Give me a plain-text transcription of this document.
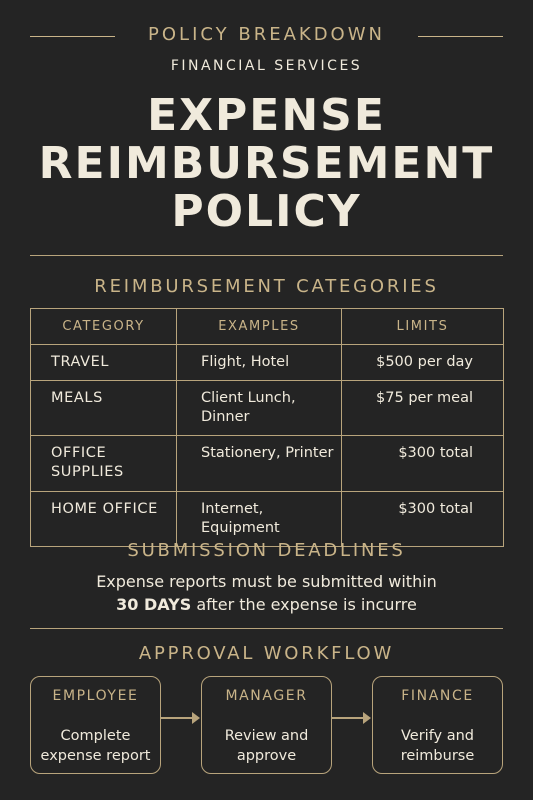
POLICY BREAKDOWN
FINANCIAL SERVICES
EXPENSE
REIMBURSEMENT
POLICY
REIMBURSEMENT CATEGORIES
CATEGORY	EXAMPLES	LIMITS
TRAVEL	Flight, Hotel	$500 per day
MEALS	Client Lunch, Dinner	$75 per meal
OFFICE SUPPLIES	Stationery, Printer	$300 total
HOME OFFICE	Internet, Equipment	$300 total
SUBMISSION DEADLINES
Expense reports must be submitted within
30 DAYS after the expense is incurre
APPROVAL WORKFLOW
EMPLOYEE
Complete
expense report
MANAGER
Review and
approve
FINANCE
Verify and
reimburse
